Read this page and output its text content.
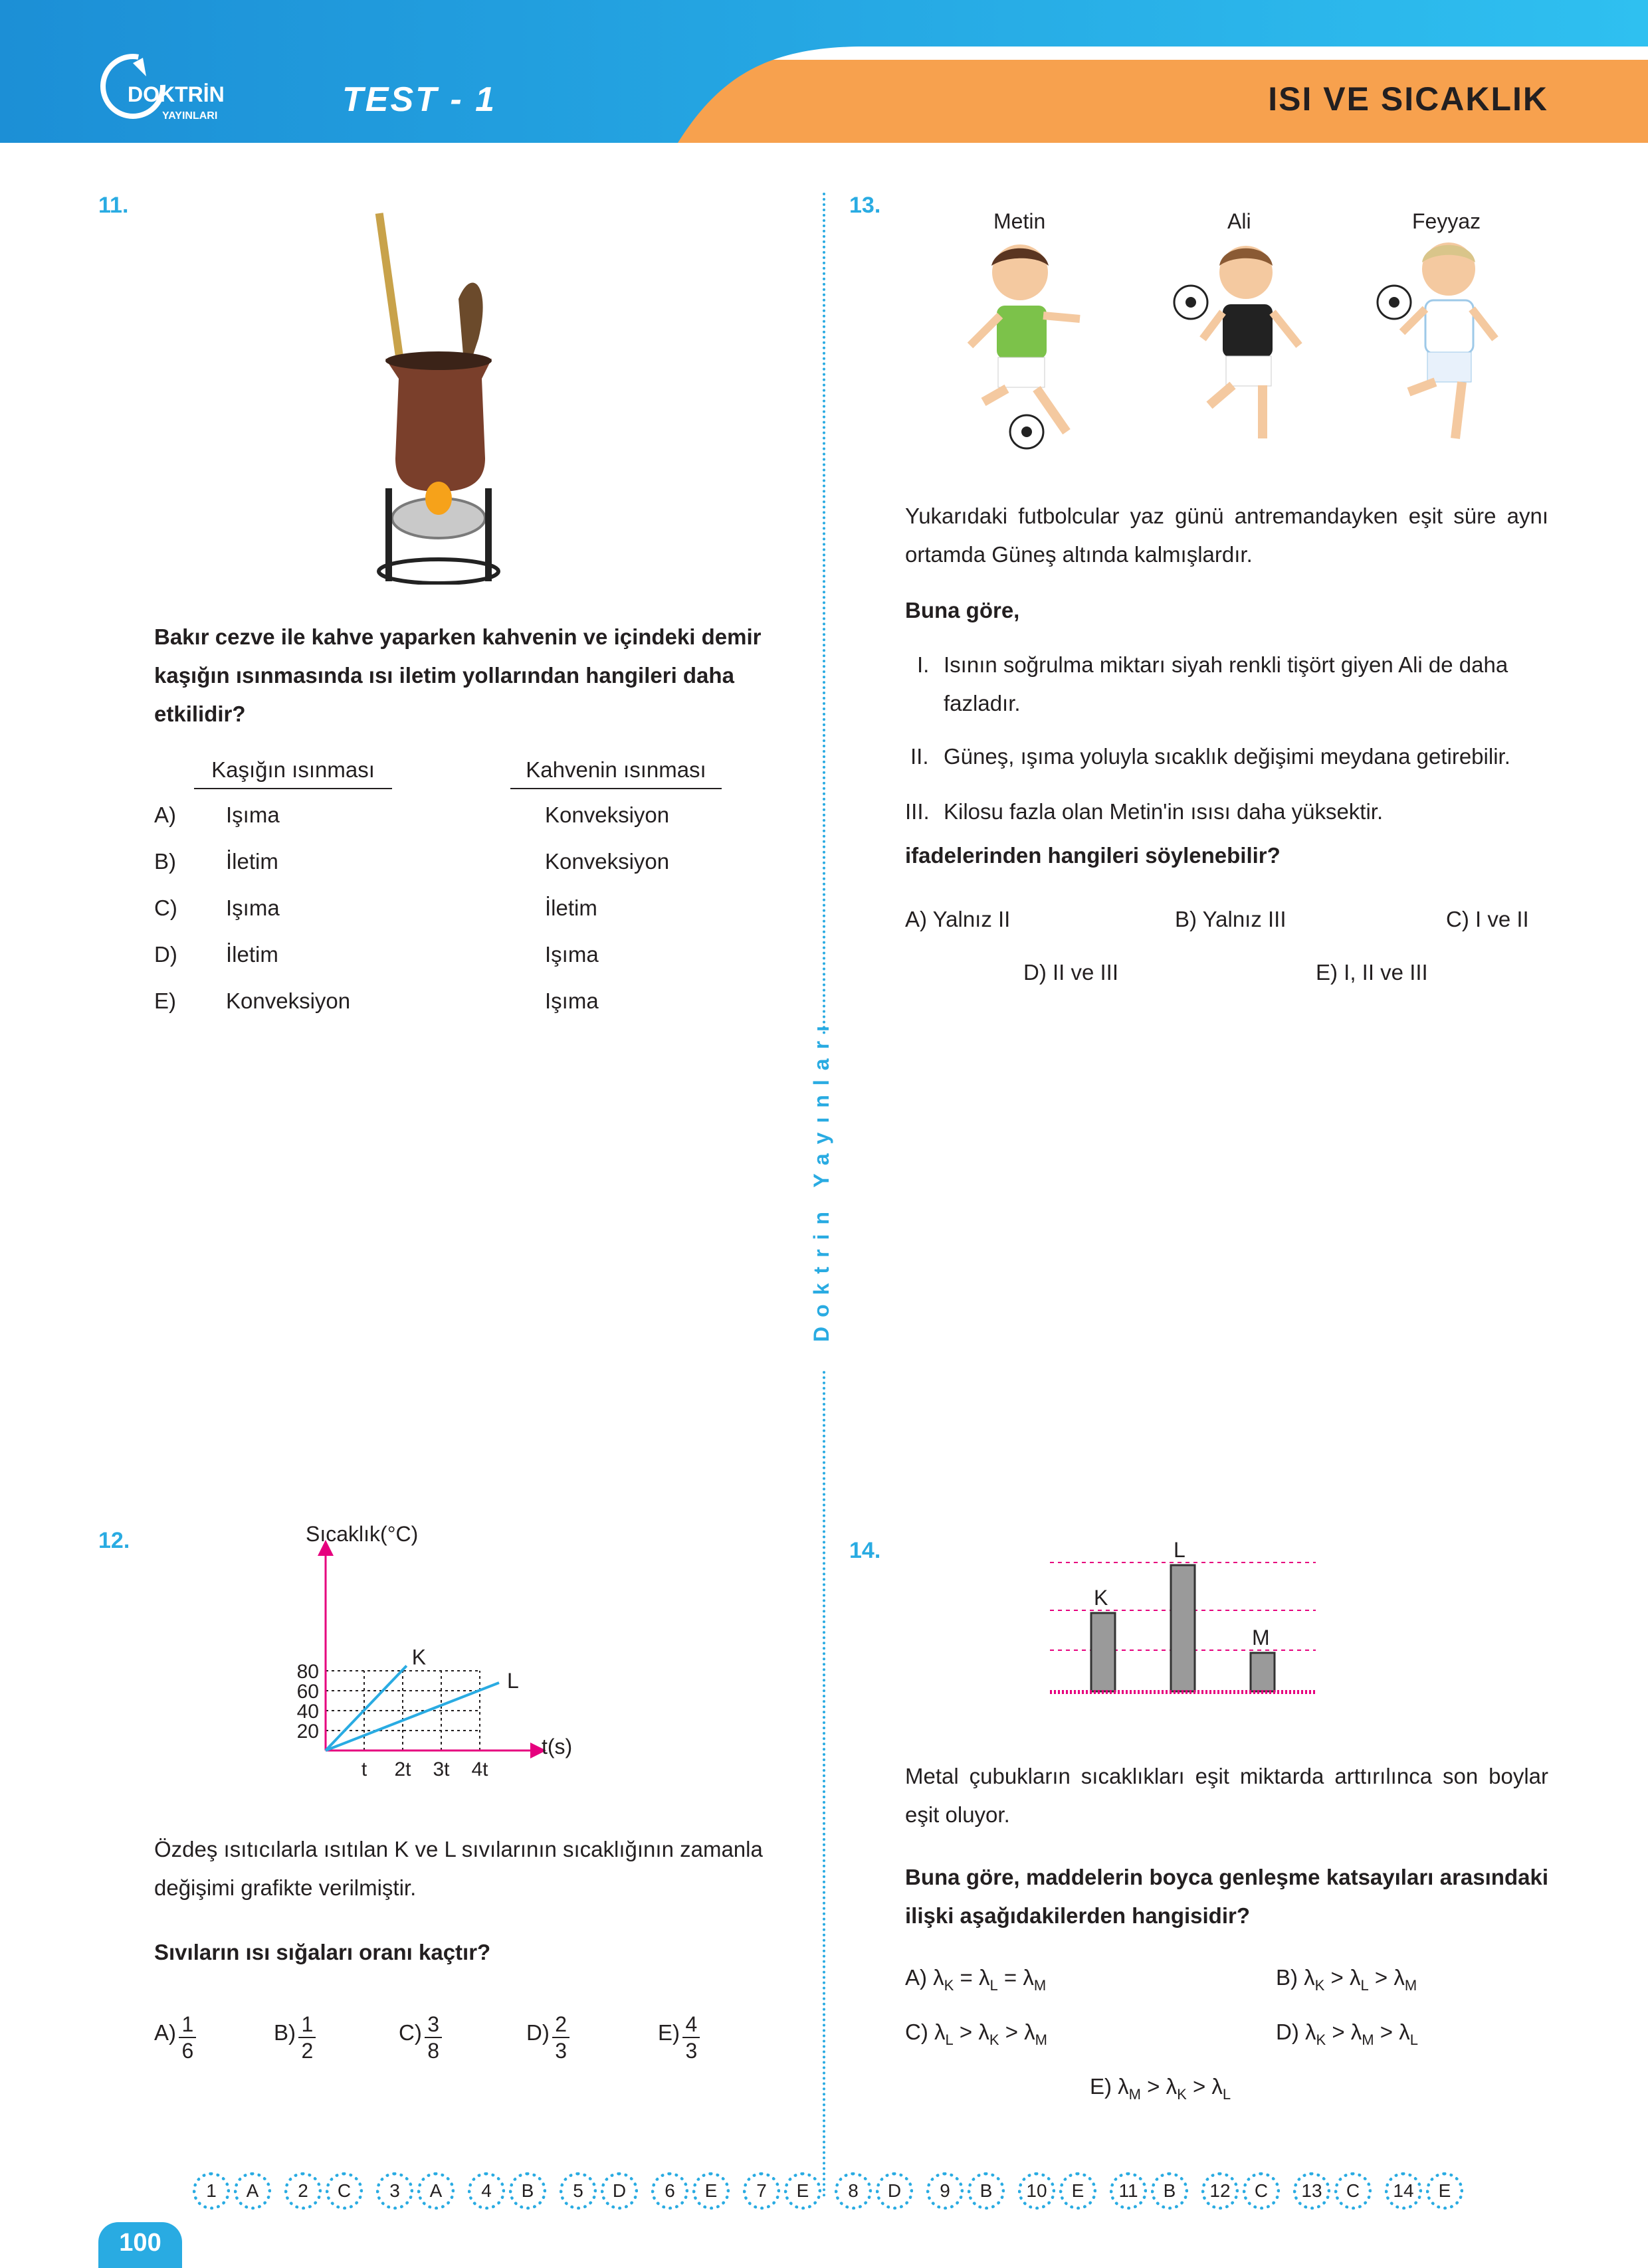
DOKTRİN
YAYINLARI	TEST - 1	ISI VE SICAKLIK
Doktrin Yayınları
11.
Bakır cezve ile kahve yaparken kahvenin ve içindeki demir kaşığın ısınmasında ısı iletim yollarından hangileri daha etkilidir?
Kaşığın ısınması	Kahvenin ısınması
A) Işıma	Konveksiyon
B) İletim	Konveksiyon
C) Işıma	İletim
D) İletim	Işıma
E) Konveksiyon	Işıma
12.	Sıcaklık(°C)
t(s)
20
40
60
80
t 2t 3t 4t
K
L
Özdeş ısıtıcılarla ısıtılan K ve L sıvılarının sıcaklığının zamanla değişimi grafikte verilmiştir.
Sıvıların ısı sığaları oranı kaçtır?
$A) \frac{1}{6}$	$B) \frac{1}{2}$	$C) \frac{3}{8}$	$D) \frac{2}{3}$	$E) \frac{4}{3}$
13.
Metin	Ali	Feyyaz
Yukarıdaki futbolcular yaz günü antremandayken eşit süre aynı ortamda Güneş altında kalmışlardır.
Buna göre,
I. Isının soğrulma miktarı siyah renkli tişört giyen Ali de daha fazladır.
II. Güneş, ışıma yoluyla sıcaklık değişimi meydana getirebilir.
III. Kilosu fazla olan Metin'in ısısı daha yüksektir.
ifadelerinden hangileri söylenebilir?
A) Yalnız II	B) Yalnız III	C) I ve II
D) II ve III	E) I, II ve III
14.
K
L
M
Metal çubukların sıcaklıkları eşit miktarda arttırılınca son boylar eşit oluyor.
Buna göre, maddelerin boyca genleşme katsayıları arasındaki ilişki aşağıdakilerden hangisidir?
A) $\lambda_K = \lambda_L = \lambda_M$	B) $\lambda_K > \lambda_L > \lambda_M$
C) $\lambda_L > \lambda_K > \lambda_M$	D) $\lambda_K > \lambda_M > \lambda_L$
E) $\lambda_M > \lambda_K > \lambda_L$
1	A	2	C	3	A	4	B	5	D	6	E	7	E	8	D	9	B	10	E	11	B	12	C	13	C	14	E
100
